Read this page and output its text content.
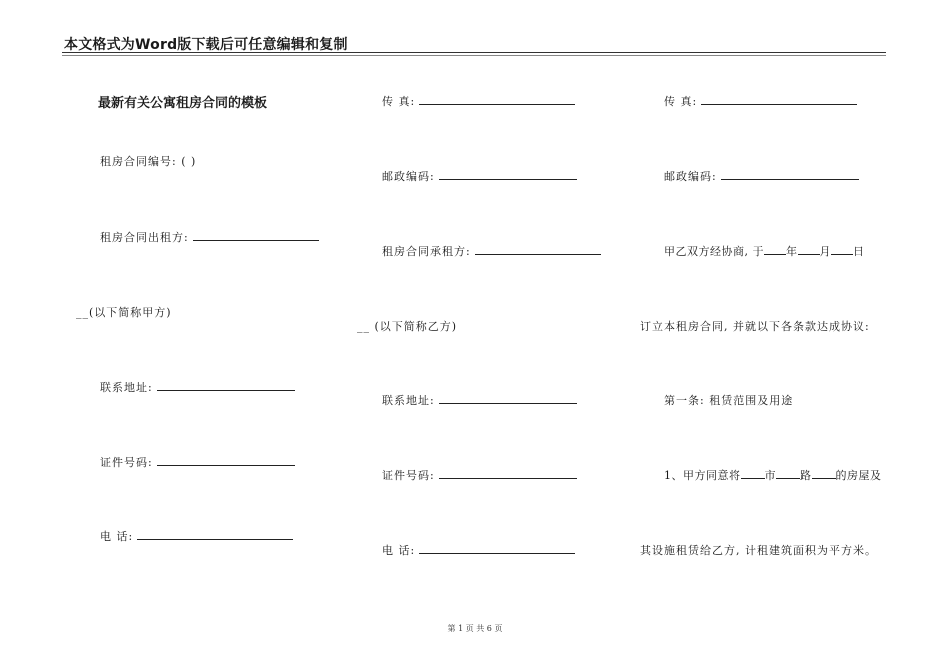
本文格式为Word版下载后可任意编辑和复制
最新有关公寓租房合同的模板
租房合同编号: ( )
租房合同出租方:
__(以下简称甲方)
联系地址:
证件号码:
电 话:
传 真:
邮政编码:
租房合同承租方:
__ (以下简称乙方)
联系地址:
证件号码:
电 话:
传 真:
邮政编码:
甲乙双方经协商, 于 年 月 日
订立本租房合同, 并就以下各条款达成协议:
第一条: 租赁范围及用途
1、甲方同意将 市 路 的房屋及
其设施租赁给乙方, 计租建筑面积为平方米。
第 1 页 共 6 页
